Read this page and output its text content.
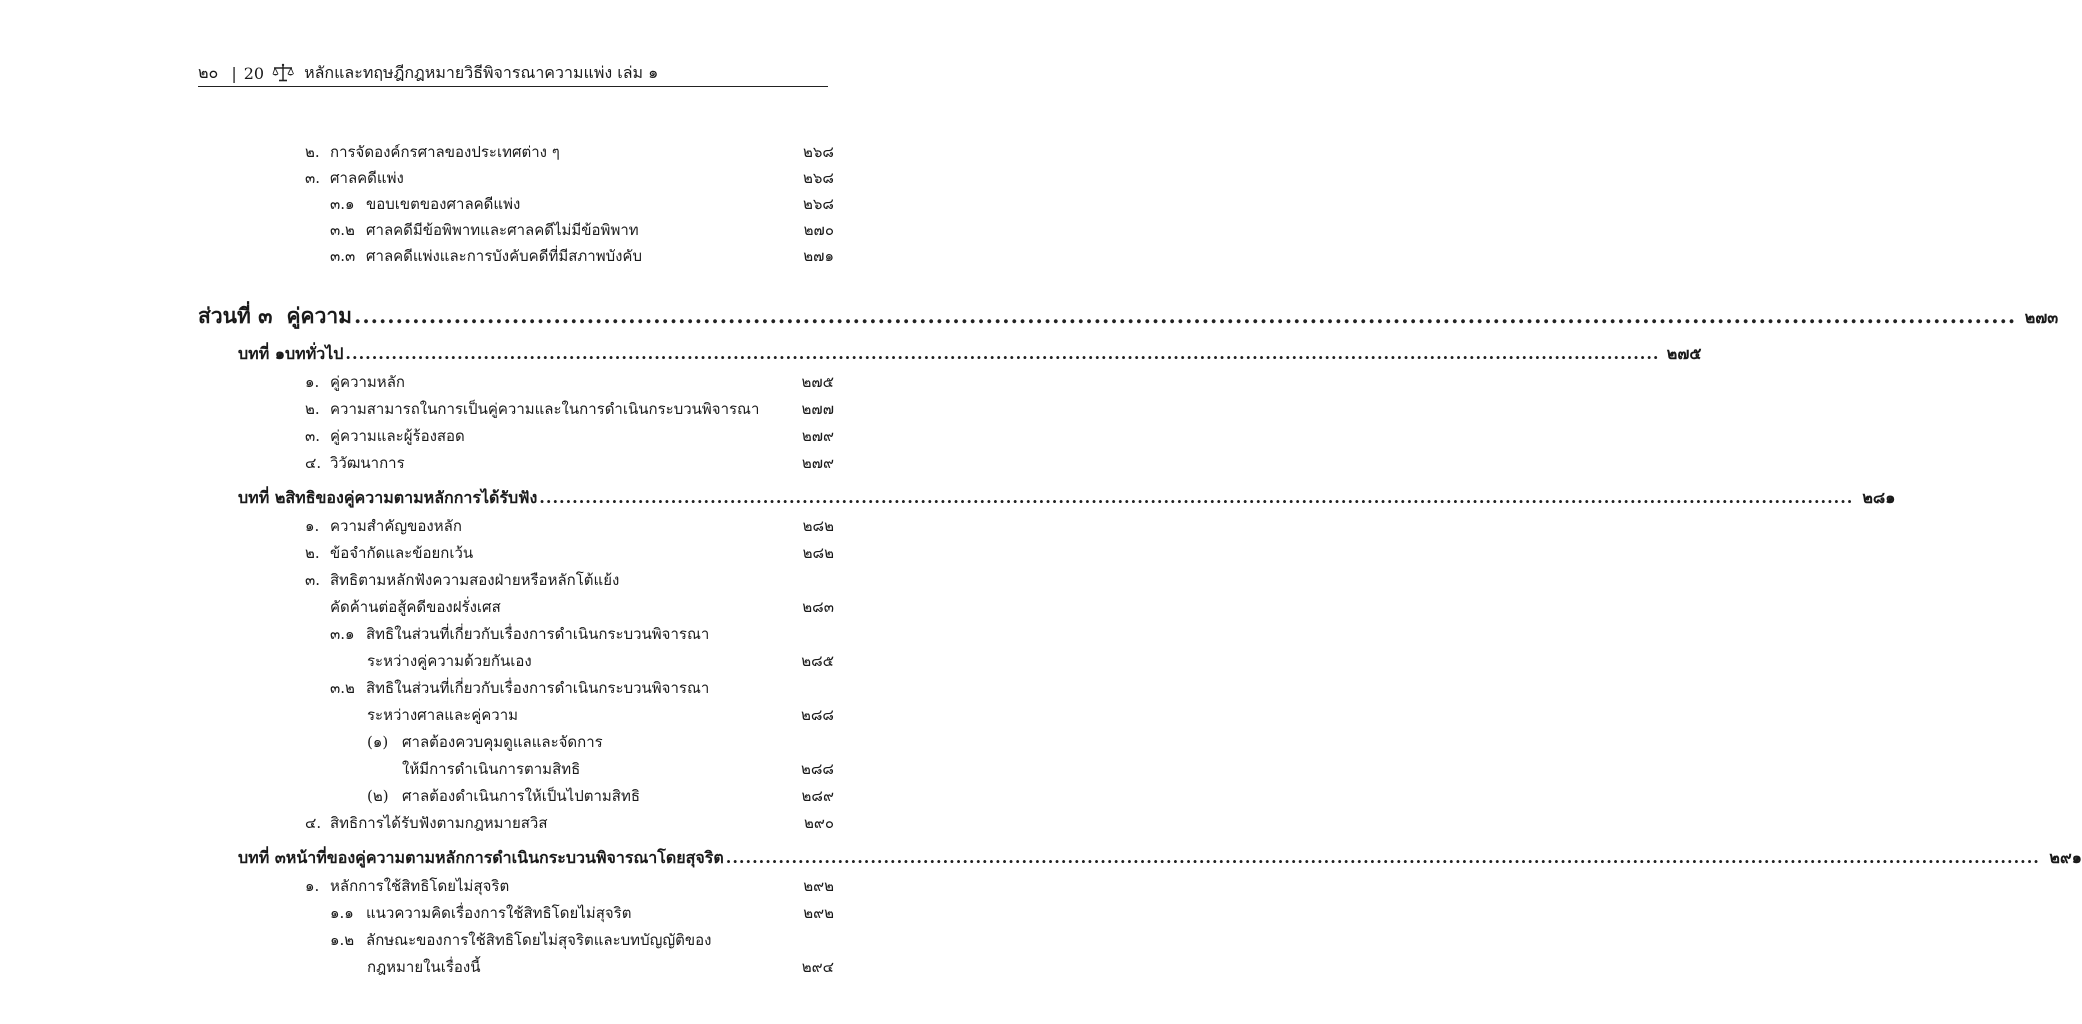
๒๐ | 20	หลักและทฤษฎีกฎหมายวิธีพิจารณาความแพ่ง เล่ม ๑
๒. การจัดองค์กรศาลของประเทศต่าง ๆ	๒๖๘
๓. ศาลคดีแพ่ง	๒๖๘
๓.๑ ขอบเขตของศาลคดีแพ่ง	๒๖๘
๓.๒ ศาลคดีมีข้อพิพาทและศาลคดีไม่มีข้อพิพาท	๒๗๐
๓.๓ ศาลคดีแพ่งและการบังคับคดีที่มีสภาพบังคับ	๒๗๑
ส่วนที่ ๓ คู่ความ ........................................................................................................................................................................................................ ๒๗๓
บทที่ ๑ บททั่วไป ........................................................................................................................................................................................................ ๒๗๕
๑. คู่ความหลัก	๒๗๕
๒. ความสามารถในการเป็นคู่ความและในการดำเนินกระบวนพิจารณา	๒๗๗
๓. คู่ความและผู้ร้องสอด	๒๗๙
๔. วิวัฒนาการ	๒๗๙
บทที่ ๒ สิทธิของคู่ความตามหลักการได้รับฟัง ........................................................................................................................................................................................................ ๒๘๑
๑. ความสำคัญของหลัก	๒๘๒
๒. ข้อจำกัดและข้อยกเว้น	๒๘๒
๓. สิทธิตามหลักฟังความสองฝ่ายหรือหลักโต้แย้ง
คัดค้านต่อสู้คดีของฝรั่งเศส	๒๘๓
๓.๑ สิทธิในส่วนที่เกี่ยวกับเรื่องการดำเนินกระบวนพิจารณา
ระหว่างคู่ความด้วยกันเอง	๒๘๕
๓.๒ สิทธิในส่วนที่เกี่ยวกับเรื่องการดำเนินกระบวนพิจารณา
ระหว่างศาลและคู่ความ	๒๘๘
(๑) ศาลต้องควบคุมดูแลและจัดการ
ให้มีการดำเนินการตามสิทธิ	๒๘๘
(๒) ศาลต้องดำเนินการให้เป็นไปตามสิทธิ	๒๘๙
๔. สิทธิการได้รับฟังตามกฎหมายสวิส	๒๙๐
บทที่ ๓ หน้าที่ของคู่ความตามหลักการดำเนินกระบวนพิจารณาโดยสุจริต ........................................................................................................................................................................................................ ๒๙๑
๑. หลักการใช้สิทธิโดยไม่สุจริต	๒๙๒
๑.๑ แนวความคิดเรื่องการใช้สิทธิโดยไม่สุจริต	๒๙๒
๑.๒ ลักษณะของการใช้สิทธิโดยไม่สุจริตและบทบัญญัติของ
กฎหมายในเรื่องนี้	๒๙๔
